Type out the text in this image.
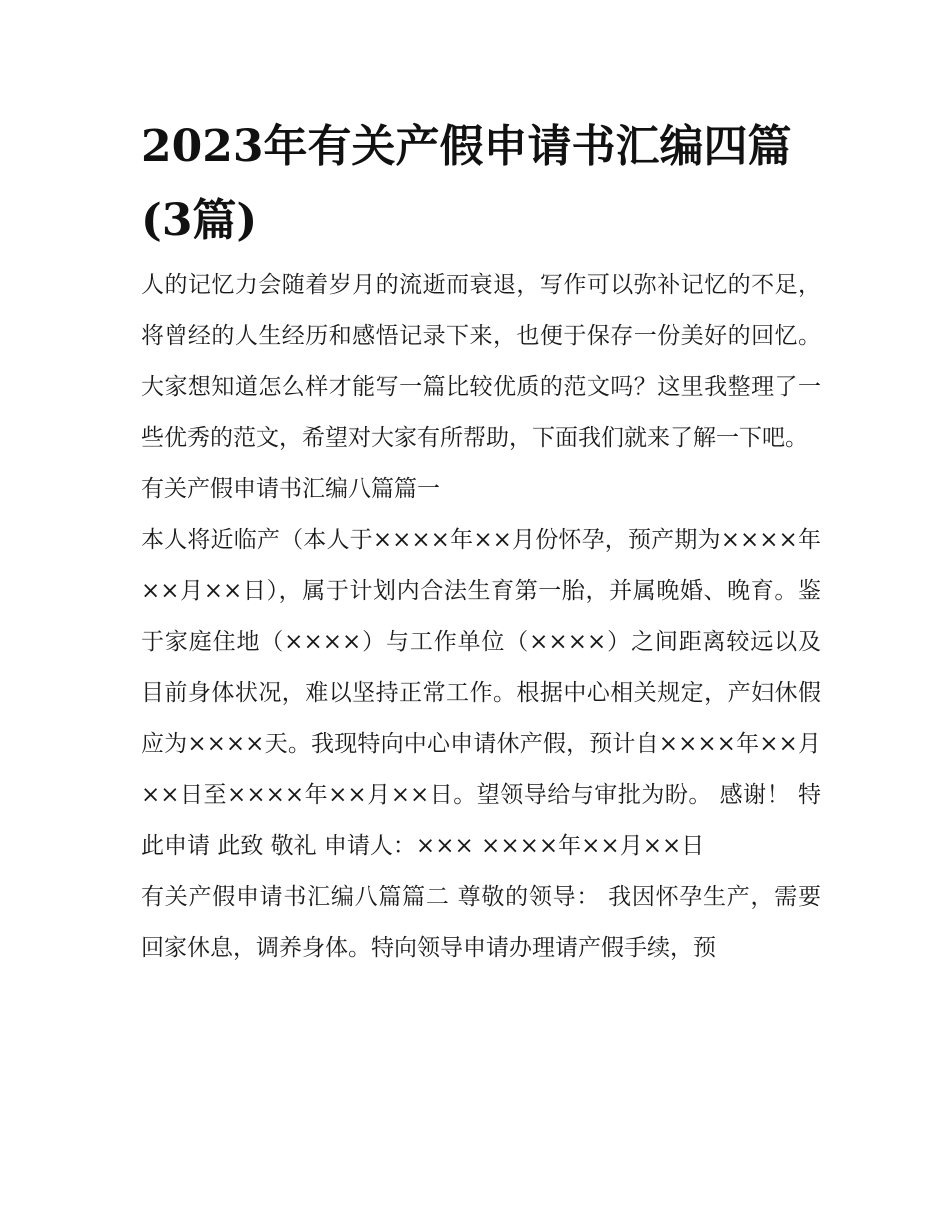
2023年有关产假申请书汇编四篇(3篇)

人的记忆力会随着岁月的流逝而衰退，写作可以弥补记忆的不足，将曾经的人生经历和感悟记录下来，也便于保存一份美好的回忆。大家想知道怎么样才能写一篇比较优质的范文吗？这里我整理了一些优秀的范文，希望对大家有所帮助，下面我们就来了解一下吧。

有关产假申请书汇编八篇篇一

本人将近临产（本人于××××年××月份怀孕，预产期为××××年××月××日），属于计划内合法生育第一胎，并属晚婚、晚育。鉴于家庭住地（××××）与工作单位（××××）之间距离较远以及目前身体状况，难以坚持正常工作。根据中心相关规定，产妇休假应为××××天。我现特向中心申请休产假，预计自××××年××月××日至××××年××月××日。望领导给与审批为盼。 感谢！ 特此申请 此致 敬礼 申请人：××× ××××年××月××日

有关产假申请书汇编八篇篇二 尊敬的领导： 我因怀孕生产，需要回家休息，调养身体。特向领导申请办理请产假手续，预
